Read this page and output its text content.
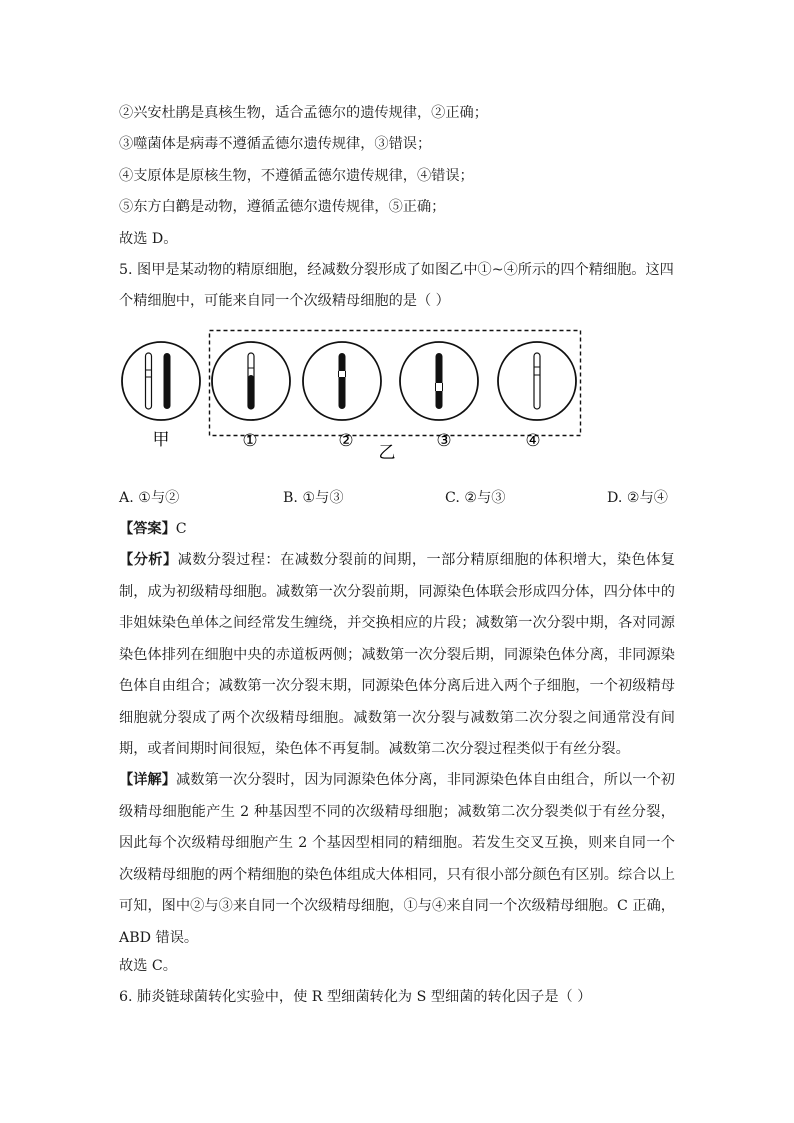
②兴安杜鹃是真核生物，适合孟德尔的遗传规律，②正确；
③噬菌体是病毒不遵循孟德尔遗传规律，③错误；
④支原体是原核生物，不遵循孟德尔遗传规律，④错误；
⑤东方白鹳是动物，遵循孟德尔遗传规律，⑤正确；
故选 D。
5. 图甲是某动物的精原细胞，经减数分裂形成了如图乙中①~④所示的四个精细胞。这四
个精细胞中，可能来自同一个次级精母细胞的是（ ）
甲	①	②	③	④
乙
A. ①与②	B. ①与③	C. ②与③	D. ②与④
【答案】C
【分析】减数分裂过程：在减数分裂前的间期，一部分精原细胞的体积增大，染色体复制，成为初级精母细胞。减数第一次分裂前期，同源染色体联会形成四分体，四分体中的非姐妹染色单体之间经常发生缠绕，并交换相应的片段；减数第一次分裂中期，各对同源染色体排列在细胞中央的赤道板两侧；减数第一次分裂后期，同源染色体分离，非同源染色体自由组合；减数第一次分裂末期，同源染色体分离后进入两个子细胞，一个初级精母细胞就分裂成了两个次级精母细胞。减数第一次分裂与减数第二次分裂之间通常没有间期，或者间期时间很短，染色体不再复制。减数第二次分裂过程类似于有丝分裂。
【详解】减数第一次分裂时，因为同源染色体分离，非同源染色体自由组合，所以一个初级精母细胞能产生 2 种基因型不同的次级精母细胞；减数第二次分裂类似于有丝分裂，因此每个次级精母细胞产生 2 个基因型相同的精细胞。若发生交叉互换，则来自同一个次级精母细胞的两个精细胞的染色体组成大体相同，只有很小部分颜色有区别。综合以上可知，图中②与③来自同一个次级精母细胞，①与④来自同一个次级精母细胞。C 正确，ABD 错误。
故选 C。
6. 肺炎链球菌转化实验中，使 R 型细菌转化为 S 型细菌的转化因子是（ ）
